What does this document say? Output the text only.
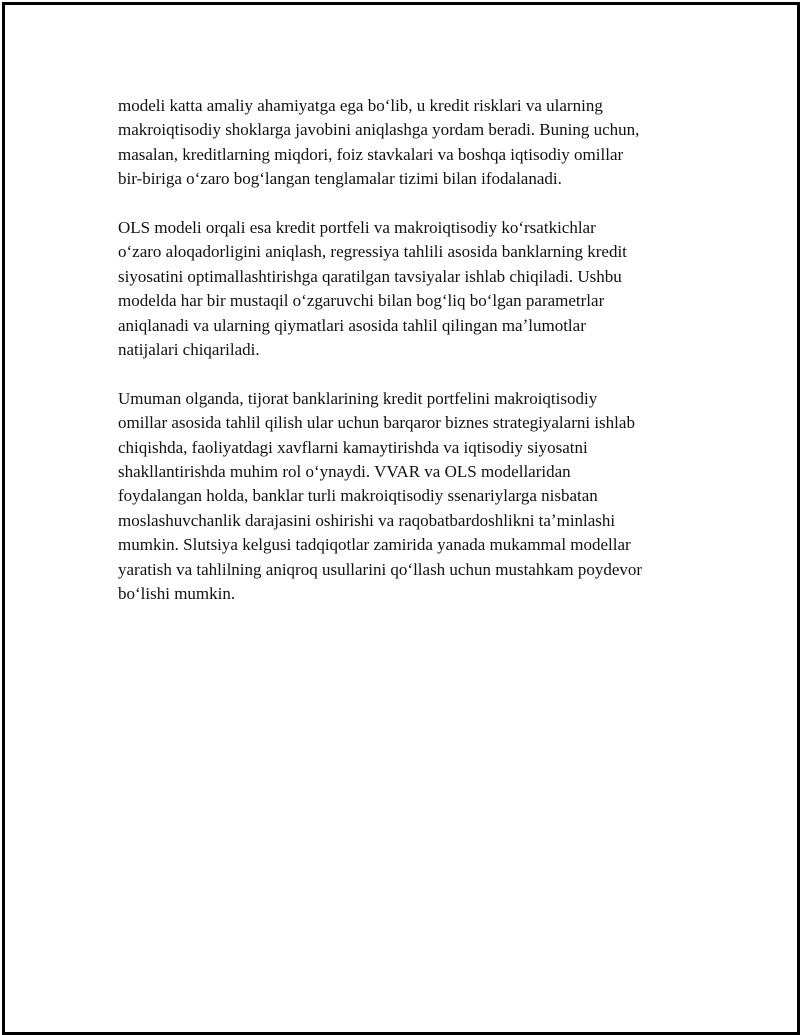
modeli katta amaliy ahamiyatga ega boʻlib, u kredit risklari va ularning
makroiqtisodiy shoklarga javobini aniqlashga yordam beradi. Buning uchun,
masalan, kreditlarning miqdori, foiz stavkalari va boshqa iqtisodiy omillar
bir-biriga oʻzaro bogʻlangan tenglamalar tizimi bilan ifodalanadi.

OLS modeli orqali esa kredit portfeli va makroiqtisodiy koʻrsatkichlar
oʻzaro aloqadorligini aniqlash, regressiya tahlili asosida banklarning kredit
siyosatini optimallashtirishga qaratilgan tavsiyalar ishlab chiqiladi. Ushbu
modelda har bir mustaqil oʻzgaruvchi bilan bogʻliq boʻlgan parametrlar
aniqlanadi va ularning qiymatlari asosida tahlil qilingan maʼlumotlar
natijalari chiqariladi.

Umuman olganda, tijorat banklarining kredit portfelini makroiqtisodiy
omillar asosida tahlil qilish ular uchun barqaror biznes strategiyalarni ishlab
chiqishda, faoliyatdagi xavflarni kamaytirishda va iqtisodiy siyosatni
shakllantirishda muhim rol oʻynaydi. VVAR va OLS modellaridan
foydalangan holda, banklar turli makroiqtisodiy ssenariylarga nisbatan
moslashuvchanlik darajasini oshirishi va raqobatbardoshlikni taʼminlashi
mumkin. Slutsiya kelgusi tadqiqotlar zamirida yanada mukammal modellar
yaratish va tahlilning aniqroq usullarini qoʻllash uchun mustahkam poydevor
boʻlishi mumkin.
